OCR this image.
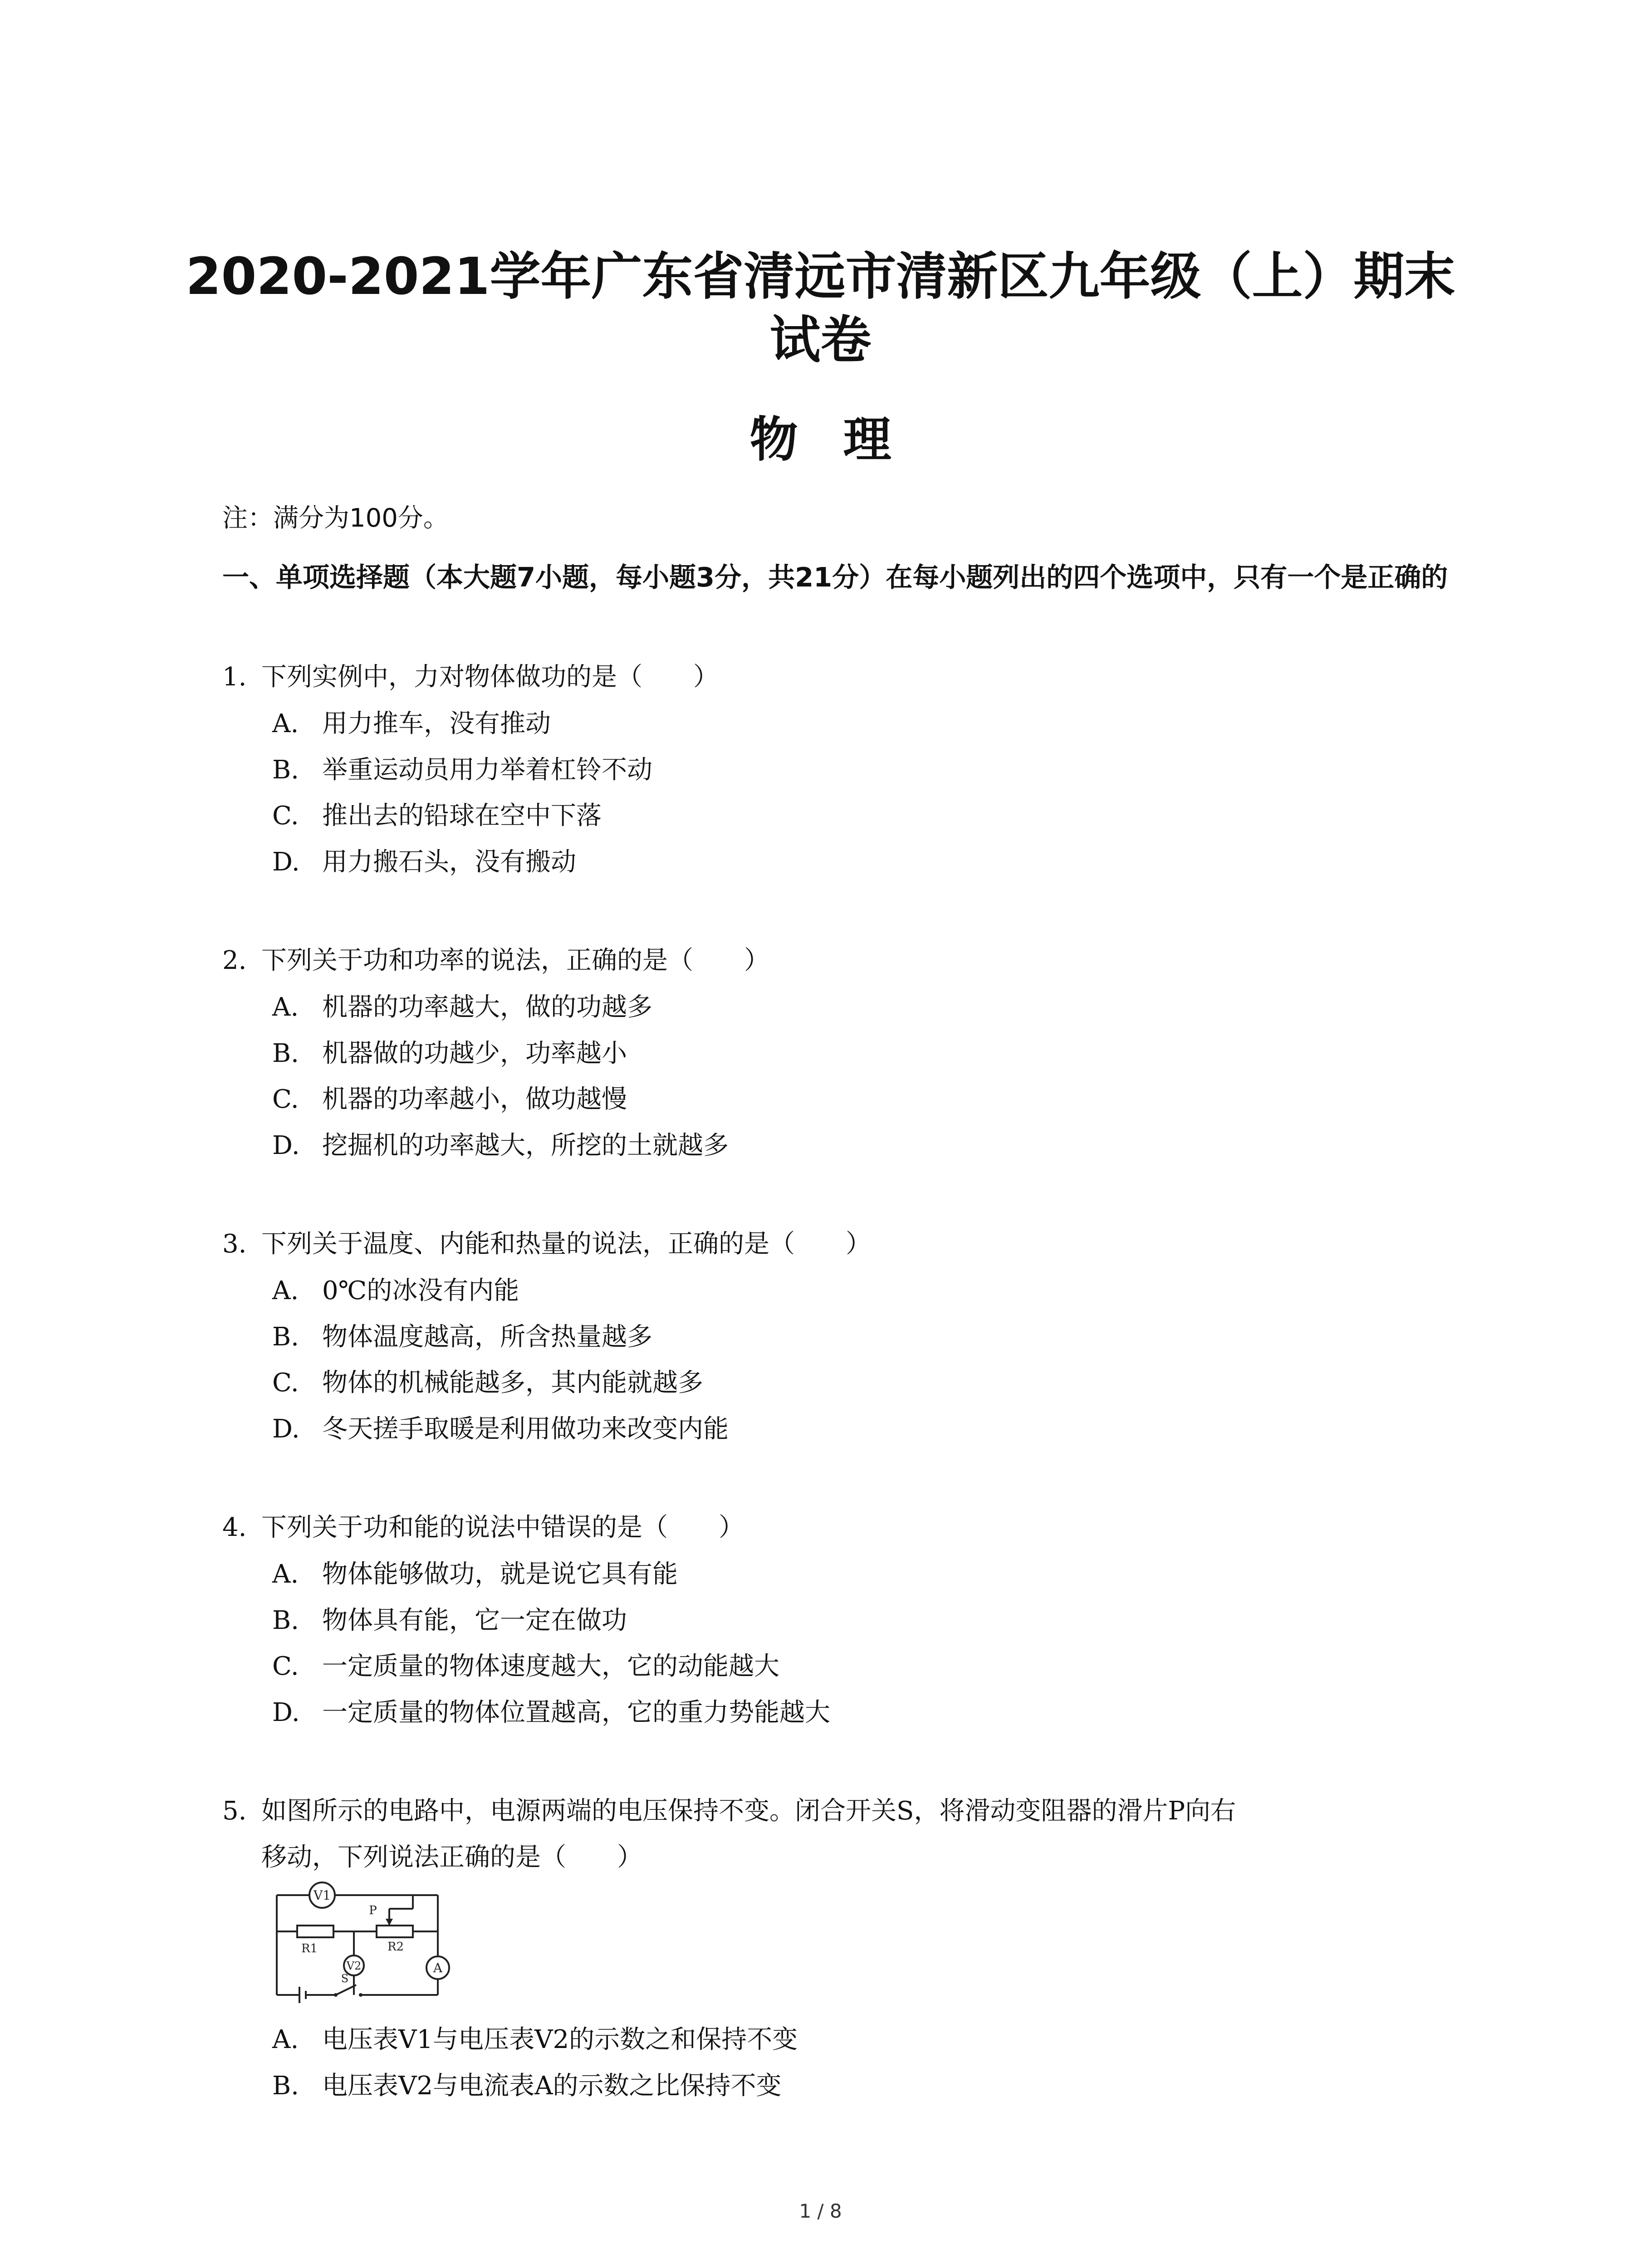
2020-2021学年广东省清远市清新区九年级（上）期末
试卷
物理
注：满分为100分。
一、单项选择题（本大题7小题，每小题3分，共21分）在每小题列出的四个选项中，只有一个是正确的
1. 下列实例中，力对物体做功的是（　　）
A. 用力推车，没有推动
B. 举重运动员用力举着杠铃不动
C. 推出去的铅球在空中下落
D. 用力搬石头，没有搬动
2. 下列关于功和功率的说法，正确的是（　　）
A. 机器的功率越大，做的功越多
B. 机器做的功越少，功率越小
C. 机器的功率越小，做功越慢
D. 挖掘机的功率越大，所挖的土就越多
3. 下列关于温度、内能和热量的说法，正确的是（　　）
A. 0℃的冰没有内能
B. 物体温度越高，所含热量越多
C. 物体的机械能越多，其内能就越多
D. 冬天搓手取暖是利用做功来改变内能
4. 下列关于功和能的说法中错误的是（　　）
A. 物体能够做功，就是说它具有能
B. 物体具有能，它一定在做功
C. 一定质量的物体速度越大，它的动能越大
D. 一定质量的物体位置越高，它的重力势能越大
5. 如图所示的电路中，电源两端的电压保持不变。闭合开关S，将滑动变阻器的滑片P向右
移动，下列说法正确的是（　　）
V1
V2	A
R1	R2
P
S
A. 电压表V1与电压表V2的示数之和保持不变
B. 电压表V2与电流表A的示数之比保持不变
1 / 8
